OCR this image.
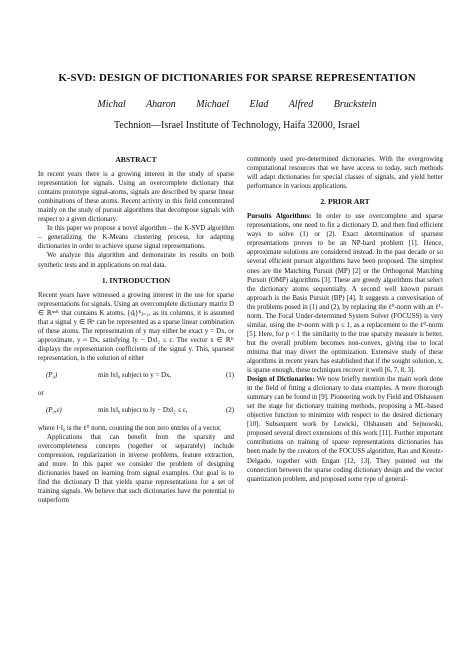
K-SVD: DESIGN OF DICTIONARIES FOR SPARSE REPRESENTATION
Michal Aharon Michael Elad Alfred Bruckstein
Technion—Israel Institute of Technology, Haifa 32000, Israel
ABSTRACT

In recent years there is a growing interest in the study of sparse representation for signals. Using an overcomplete dictionary that contains prototype signal-atoms, signals are described by sparse linear combinations of these atoms. Recent activity in this field concentrated mainly on the study of pursuit algorithms that decompose signals with respect to a given dictionary.

In this paper we propose a novel algorithm – the K-SVD algorithm – generalizing the K-Means clustering process, for adapting dictionaries in order to achieve sparse signal representations.

We analyze this algorithm and demonstrate its results on both synthetic tests and in applications on real data.

1. INTRODUCTION

Recent years have witnessed a growing interest in the use for sparse representations for signals. Using an overcomplete dictionary matrix D ∈ ℝⁿˣᴷ that contains K atoms, {dⱼ}ᴷⱼ₌₁, as its columns, it is assumed that a signal y ∈ ℝⁿ can be represented as a sparse linear combination of these atoms. The representation of y may either be exact y = Dx, or approximate, y ≈ Dx, satisfying ‖y − Dx‖₂ ≤ ε. The vector x ∈ ℝᴷ displays the representation coefficients of the signal y. This, sparsest representation, is the solution of either

(P₀)	min ‖x‖₀ subject to y = Dx,	(1)

or

(P₀,ε)	min ‖x‖₀ subject to ‖y − Dx‖₂ ≤ ε,	(2)

where ‖·‖₀ is the ℓ⁰ norm, counting the non zero entries of a vector.

Applications that can benefit from the sparsity and overcompleteness concepts (together or separately) include compression, regularization in inverse problems, feature extraction, and more. In this paper we consider the problem of designing dictionaries based on learning from signal examples. Our goal is to find the dictionary D that yields sparse representations for a set of training signals. We believe that such dictionaries have the potential to outperform

commonly used pre-determined dictionaries. With the evergrowing computational resources that we have access to today, such methods will adapt dictionaries for special classes of signals, and yield better performance in various applications.

2. PRIOR ART

Pursuits Algorithms: In order to use overcomplete and sparse representations, one need to fix a dictionary D, and then find efficient ways to solve (1) or (2). Exact determination of sparsest representations proves to be an NP-hard problem [1]. Hence, approximate solutions are considered instead. In the past decade or so several efficient pursuit algorithms have been proposed. The simplest ones are the Matching Pursuit (MP) [2] or the Orthogonal Matching Pursuit (OMP) algorithms [3]. These are greedy algorithms that select the dictionary atoms sequentially. A second well known pursuit approach is the Basis Pursuit (BP) [4]. It suggests a convexisation of the problems posed in (1) and (2), by replacing the ℓ⁰-norm with an ℓ¹-norm. The Focal Under-determined System Solver (FOCUSS) is very similar, using the ℓᵖ-norm with p ≤ 1, as a replacement to the ℓ⁰-norm [5]. Here, for p < 1 the similarity to the true sparsity measure is better, but the overall problem becomes non-convex, giving rise to local minima that may divert the optimization. Extensive study of these algorithms in recent years has established that if the sought solution, x, is sparse enough, these techniques recover it well [6, 7, 8, 3].

Design of Dictionaries: We now briefly mention the main work done in the field of fitting a dictionary to data examples. A more thorough summary can be found in [9]. Pioneering work by Field and Olshausen set the stage for dictionary training methods, proposing a ML-based objective function to minimize with respect to the desired dictionary [10]. Subsequent work by Lewicki, Olshausen and Sejnowski, proposed several direct extensions of this work [11]. Further important contributions on training of sparse representations dictionaries has been made by the creators of the FOCUSS algorithm, Rao and Kreutz-Delgado, together with Engan [12, 13]. They pointed out the connection between the sparse coding dictionary design and the vector quantization problem, and proposed some type of general-
